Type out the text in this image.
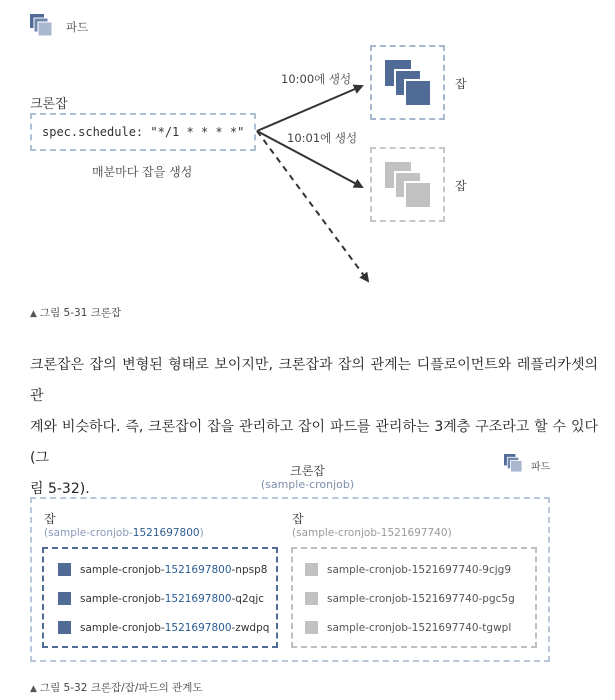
파드
크론잡
spec.schedule: "*/1 * * * *"
매분마다 잡을 생성
10:00에 생성
10:01에 생성
잡
잡
▲ 그림 5-31 크론잡
크론잡은 잡의 변형된 형태로 보이지만, 크론잡과 잡의 관계는 디플로이먼트와 레플리카셋의 관
계와 비슷하다. 즉, 크론잡이 잡을 관리하고 잡이 파드를 관리하는 3계층 구조라고 할 수 있다(그
림 5-32).
크론잡
(sample-cronjob)
파드
잡
(sample-cronjob-1521697800)
sample-cronjob-1521697800-npsp8
sample-cronjob-1521697800-q2qjc
sample-cronjob-1521697800-zwdpq
잡
(sample-cronjob-1521697740)
sample-cronjob-1521697740-9cjg9
sample-cronjob-1521697740-pgc5g
sample-cronjob-1521697740-tgwpl
▲ 그림 5-32 크론잡/잡/파드의 관계도
